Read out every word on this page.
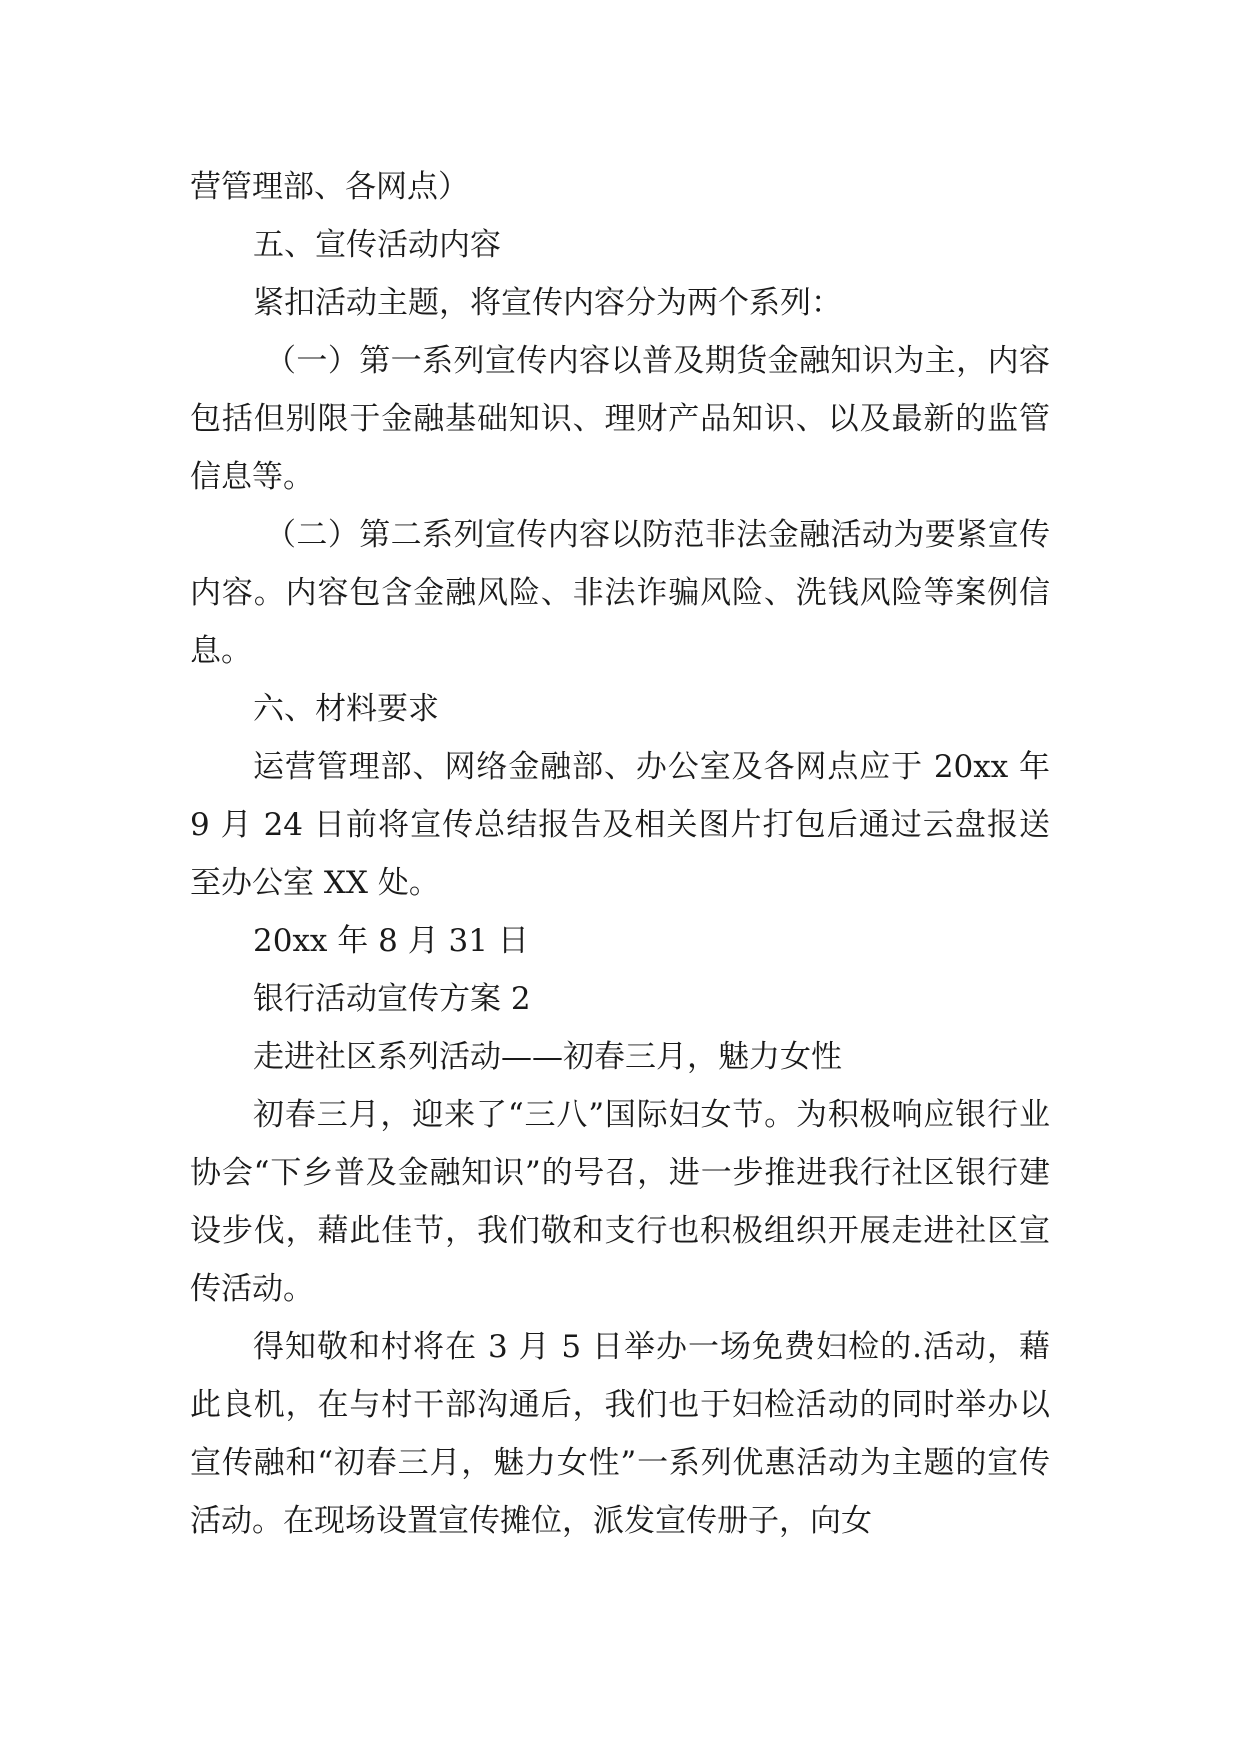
营管理部、各网点）

五、宣传活动内容

紧扣活动主题，将宣传内容分为两个系列：

（一）第一系列宣传内容以普及期货金融知识为主，内容包括但别限于金融基础知识、理财产品知识、以及最新的监管信息等。

（二）第二系列宣传内容以防范非法金融活动为要紧宣传内容。内容包含金融风险、非法诈骗风险、洗钱风险等案例信息。

六、材料要求

运营管理部、网络金融部、办公室及各网点应于 20xx 年 9 月 24 日前将宣传总结报告及相关图片打包后通过云盘报送至办公室 XX 处。

20xx 年 8 月 31 日

银行活动宣传方案 2

走进社区系列活动——初春三月，魅力女性

初春三月，迎来了“三八”国际妇女节。为积极响应银行业协会“下乡普及金融知识”的号召，进一步推进我行社区银行建设步伐，藉此佳节，我们敬和支行也积极组织开展走进社区宣传活动。

得知敬和村将在 3 月 5 日举办一场免费妇检的.活动，藉此良机，在与村干部沟通后，我们也于妇检活动的同时举办以宣传融和“初春三月，魅力女性”一系列优惠活动为主题的宣传活动。在现场设置宣传摊位，派发宣传册子，向女
